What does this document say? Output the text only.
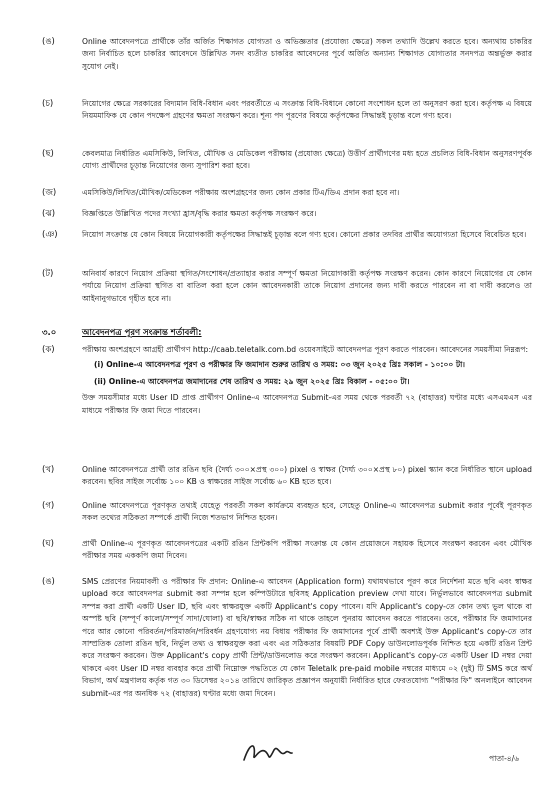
(ঙ)	Online আবেদনপত্রে প্রার্থীকে তাঁর অর্জিত শিক্ষাগত যোগ্যতা ও অভিজ্ঞতার (প্রযোজ্য ক্ষেত্রে) সকল তথ্যাদি উল্লেখ করতে হবে। অন্যথায় চাকরির জন্য নির্বাচিত হলে চাকরির আবেদনে উল্লিখিত সনদ ব্যতীত চাকরির আবেদনের পূর্বে অর্জিত অন্যান্য শিক্ষাগত যোগ্যতার সনদপত্র অন্তর্ভুক্ত করার সুযোগ নেই।
(চ)	নিয়োগের ক্ষেত্রে সরকারের বিদ্যমান বিধি-বিধান এবং পরবর্তীতে এ সংক্রান্ত বিধি-বিধানে কোনো সংশোধন হলে তা অনুসরণ করা হবে। কর্তৃপক্ষ এ বিষয়ে নিয়মমাফিক যে কোন পদক্ষেপ গ্রহণের ক্ষমতা সংরক্ষণ করে। শূন্য পদ পূরণের বিষয়ে কর্তৃপক্ষের সিদ্ধান্তই চূড়ান্ত বলে গণ্য হবে।
(ছ)	কেবলমাত্র নির্ধারিত এমসিকিউ, লিখিত, মৌখিক ও মেডিকেল পরীক্ষায় (প্রযোজ্য ক্ষেত্রে) উত্তীর্ণ প্রার্থীগণের মধ্য হতে প্রচলিত বিধি-বিধান অনুসরণপূর্বক যোগ্য প্রার্থীদের চূড়ান্ত নিয়োগের জন্য সুপারিশ করা হবে।
(জ)	এমসিকিউ/লিখিত/মৌখিক/মেডিকেল পরীক্ষায় অংশগ্রহণের জন্য কোন প্রকার টিএ/ডিএ প্রদান করা হবে না।
(ঝ)	বিজ্ঞপ্তিতে উল্লিখিত পদের সংখ্যা হ্রাস/বৃদ্ধি করার ক্ষমতা কর্তৃপক্ষ সংরক্ষণ করে।
(ঞ)	নিয়োগ সংক্রান্ত যে কোন বিষয়ে নিয়োগকারী কর্তৃপক্ষের সিদ্ধান্তই চূড়ান্ত বলে গণ্য হবে। কোনো প্রকার তদবির প্রার্থীর অযোগ্যতা হিসেবে বিবেচিত হবে।
(ট)	অনিবার্য কারণে নিয়োগ প্রক্রিয়া স্থগিত/সংশোধন/প্রত্যাহার করার সম্পূর্ণ ক্ষমতা নিয়োগকারী কর্তৃপক্ষ সংরক্ষণ করেন। কোন কারণে নিয়োগের যে কোন পর্যায়ে নিয়োগ প্রক্রিয়া স্থগিত বা বাতিল করা হলে কোন আবেদনকারী তাকে নিয়োগ প্রদানের জন্য দাবী করতে পারবেন না বা দাবী করলেও তা আইনানুগভাবে গৃহীত হবে না।
৩.০	আবেদনপত্র পূরণ সংক্রান্ত শর্তাবলী:
(ক)	পরীক্ষায় অংশগ্রহণে আগ্রহী প্রার্থীগণ http://caab.teletalk.com.bd ওয়েবসাইটে আবেদনপত্র পূরণ করতে পারবেন। আবেদনের সময়সীমা নিম্নরূপ:
(i) Online-এ আবেদনপত্র পূরণ ও পরীক্ষার ফি জমাদান শুরুর তারিখ ও সময়: ০৩ জুন ২০২৫ খ্রিঃ সকাল - ১০:০০ টা।
(ii) Online-এ আবেদনপত্র জমাদানের শেষ তারিখ ও সময়: ২৯ জুন ২০২৫ খ্রিঃ বিকাল - ০৫:০০ টা।
উক্ত সময়সীমার মধ্যে User ID প্রাপ্ত প্রার্থীগণ Online-এ আবেদনপত্র Submit-এর সময় থেকে পরবর্তী ৭২ (বাহাত্তর) ঘণ্টার মধ্যে এসএমএস এর মাধ্যমে পরীক্ষার ফি জমা দিতে পারবেন।
(খ)	Online আবেদনপত্রে প্রার্থী তার রঙিন ছবি (দৈর্ঘ্য ৩০০×প্রস্থ ৩০০) pixel ও স্বাক্ষর (দৈর্ঘ্য ৩০০×প্রস্থ ৮০) pixel স্ক্যান করে নির্ধারিত স্থানে upload করবেন। ছবির সাইজ সর্বোচ্চ ১০০ KB ও স্বাক্ষরের সাইজ সর্বোচ্চ ৬০ KB হতে হবে।
(গ)	Online আবেদনপত্রে পূরণকৃত তথ্যই যেহেতু পরবর্তী সকল কার্যক্রমে ব্যবহৃত হবে, সেহেতু Online-এ আবেদনপত্র submit করার পূর্বেই পূরণকৃত সকল তথ্যের সঠিকতা সম্পর্কে প্রার্থী নিজে শতভাগ নিশ্চিত হবেন।
(ঘ)	প্রার্থী Online-এ পূরণকৃত আবেদনপত্রের একটি রঙিন প্রিন্টকপি পরীক্ষা সংক্রান্ত যে কোন প্রয়োজনে সহায়ক হিসেবে সংরক্ষণ করবেন এবং মৌখিক পরীক্ষার সময় এককপি জমা দিবেন।
(ঙ)	SMS প্রেরণের নিয়মাবলী ও পরীক্ষার ফি প্রদান: Online-এ আবেদন (Application form) যথাযথভাবে পূরণ করে নির্দেশনা মতে ছবি এবং স্বাক্ষর upload করে আবেদনপত্র submit করা সম্পন্ন হলে কম্পিউটারে ছবিসহ Application preview দেখা যাবে। নির্ভুলভাবে আবেদনপত্র submit সম্পন্ন করা প্রার্থী একটি User ID, ছবি এবং স্বাক্ষরযুক্ত একটি Applicant's copy পাবেন। যদি Applicant's copy-তে কোন তথ্য ভুল থাকে বা অস্পষ্ট ছবি (সম্পূর্ণ কালো/সম্পূর্ণ সাদা/ঘোলা) বা ছবি/স্বাক্ষর সঠিক না থাকে তাহলে পুনরায় আবেদন করতে পারবেন। তবে, পরীক্ষার ফি জমাদানের পরে আর কোনো পরিবর্তন/পরিমার্জন/পরিবর্ধন গ্রহণযোগ্য নয় বিধায় পরীক্ষার ফি জমাদানের পূর্বে প্রার্থী অবশ্যই উক্ত Applicant's copy-তে তার সাম্প্রতিক তোলা রঙিন ছবি, নির্ভুল তথ্য ও স্বাক্ষরযুক্ত করা এবং এর সঠিকতার বিষয়টি PDF Copy ডাউনলোডপূর্বক নিশ্চিত হয়ে একটি রঙিন প্রিন্ট করে সংরক্ষণ করবেন। উক্ত Applicant's copy প্রার্থী প্রিন্ট/ডাউনলোড করে সংরক্ষণ করবেন। Applicant's copy-তে একটি User ID নম্বর দেয়া থাকবে এবং User ID নম্বর ব্যবহার করে প্রার্থী নিম্নোক্ত পদ্ধতিতে যে কোন Teletalk pre-paid mobile নম্বরের মাধ্যমে ০২ (দুই) টি SMS করে অর্থ বিভাগ, অর্থ মন্ত্রণালয় কর্তৃক গত ৩০ ডিসেম্বর ২০১৪ তারিখে জারিকৃত প্রজ্ঞাপন অনুযায়ী নির্ধারিত হারে ফেরতযোগ্য "পরীক্ষার ফি" অনলাইনে আবেদন submit-এর পর অনধিক ৭২ (বাহাত্তর) ঘণ্টার মধ্যে জমা দিবেন।
পাতা-৪/৬
